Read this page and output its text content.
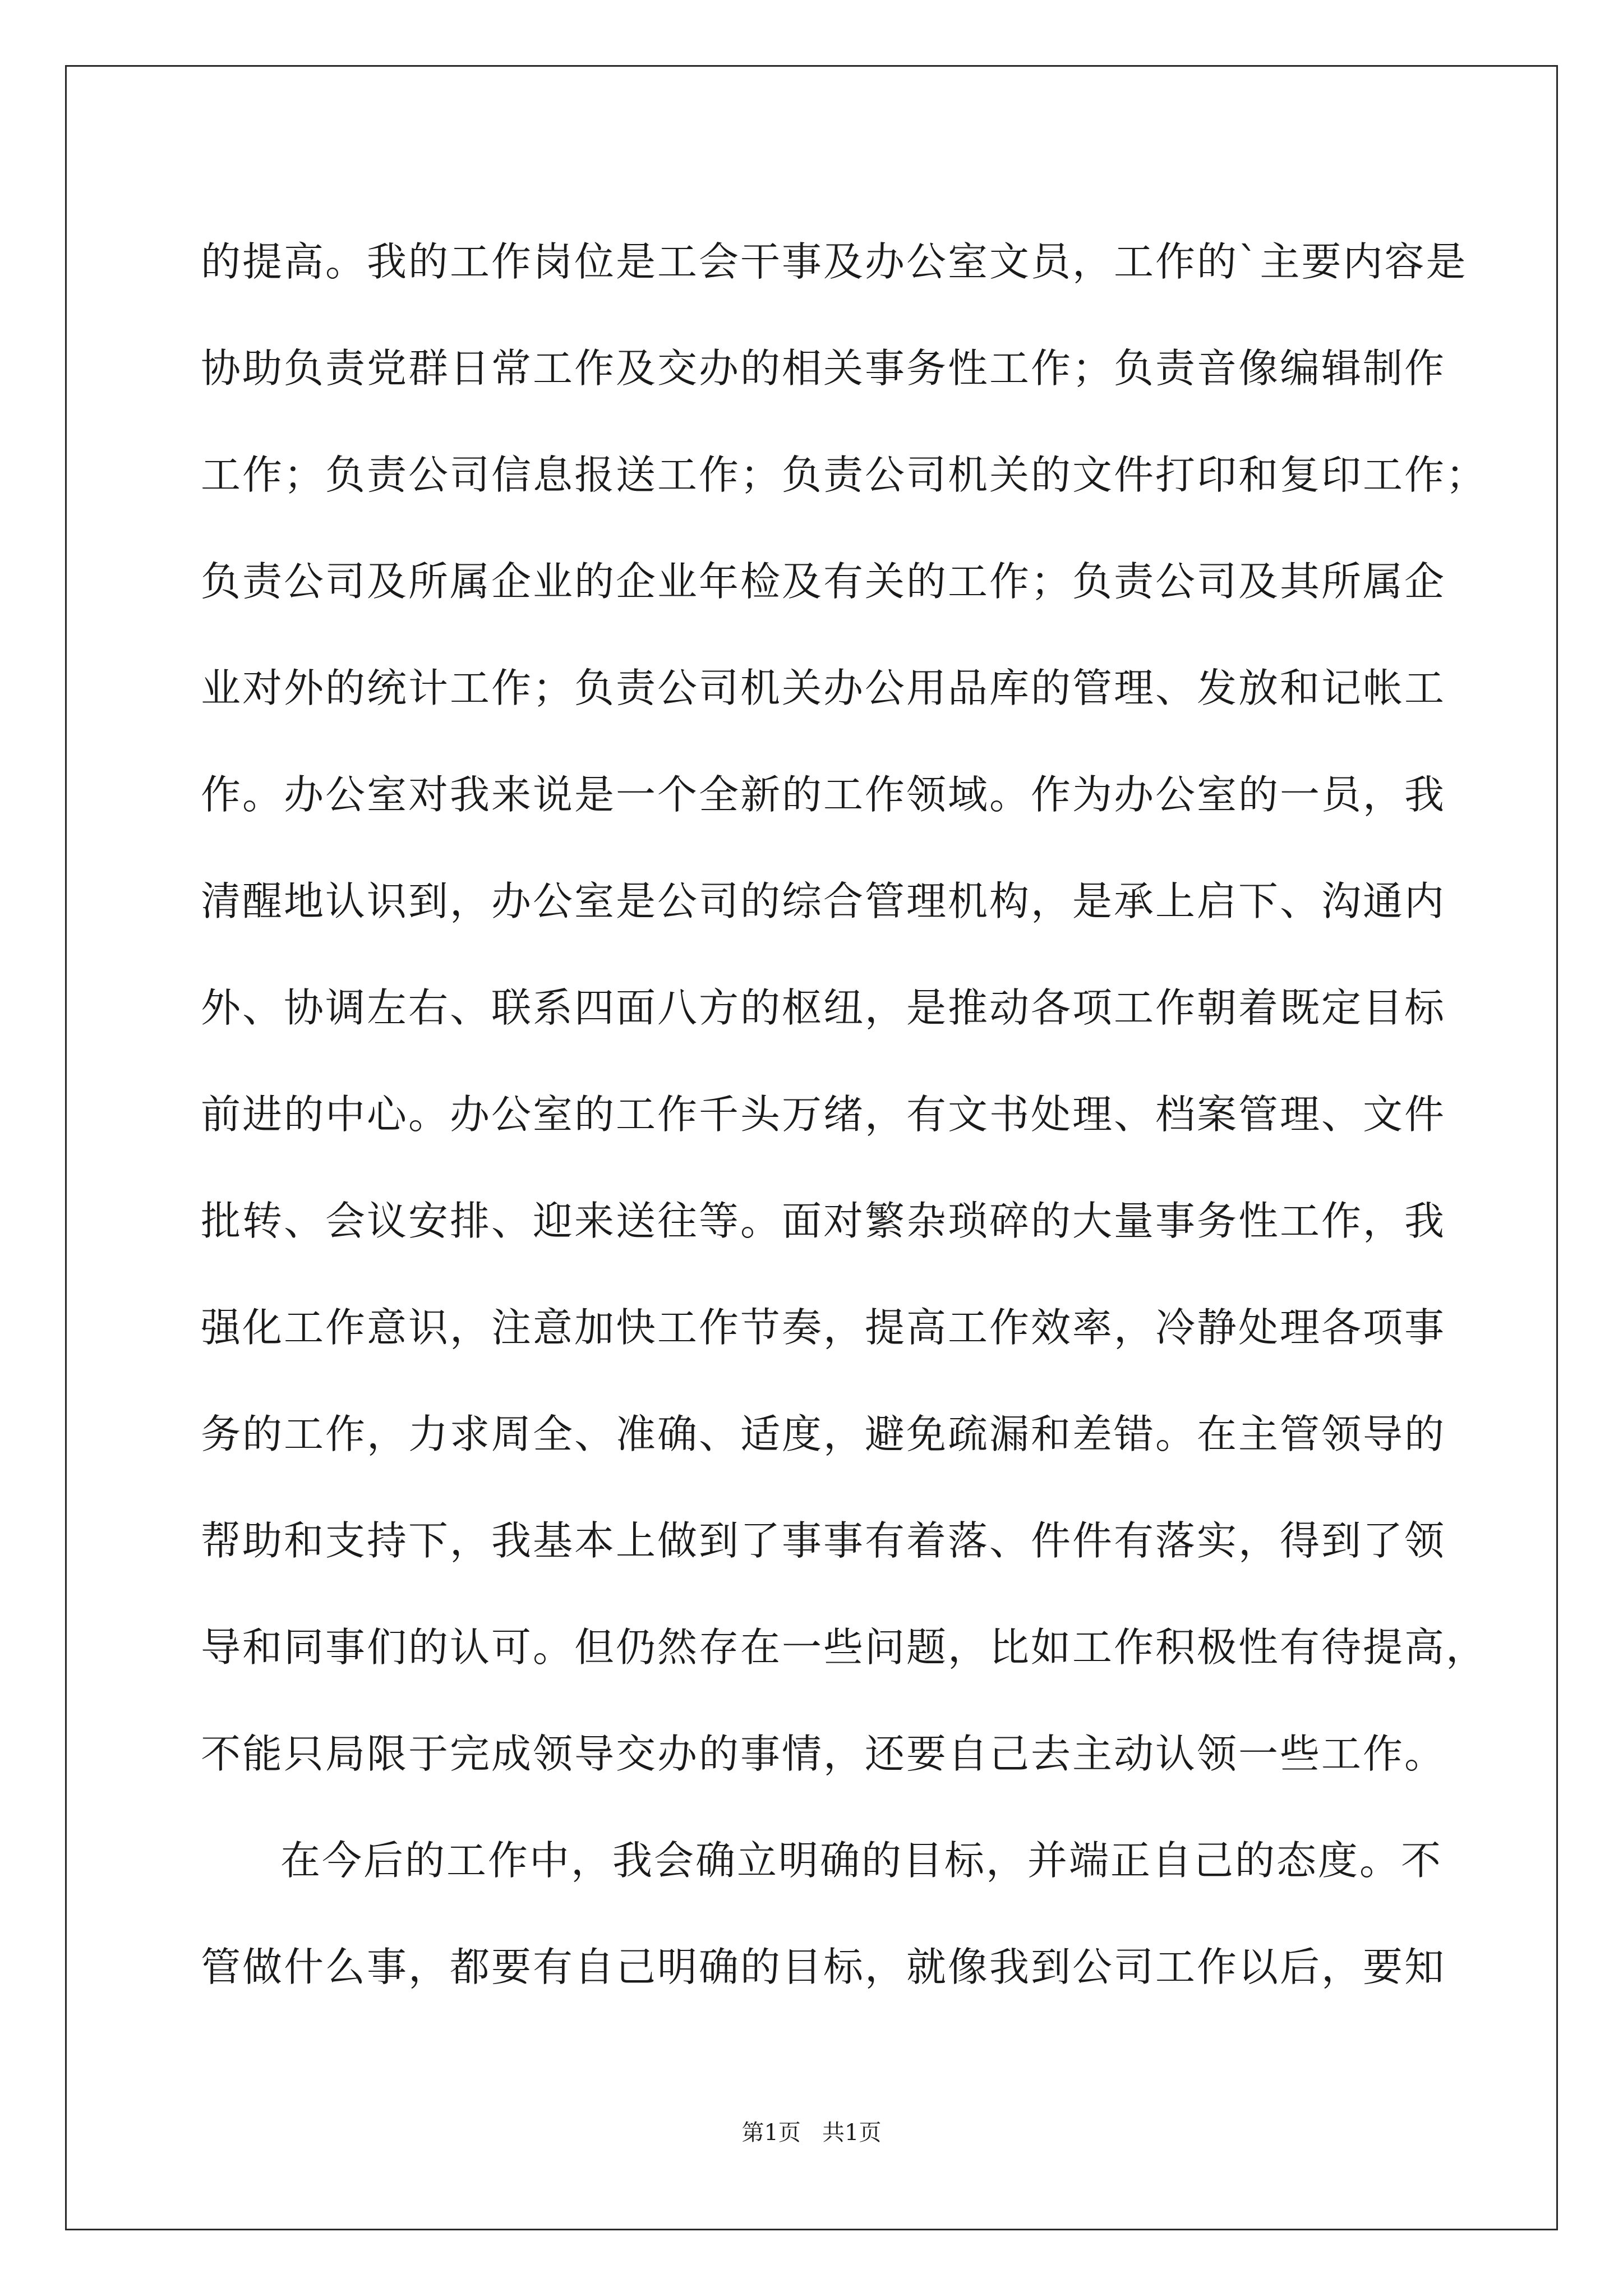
的提高。我的工作岗位是工会干事及办公室文员，工作的`主要内容是
协助负责党群日常工作及交办的相关事务性工作；负责音像编辑制作
工作；负责公司信息报送工作；负责公司机关的文件打印和复印工作；
负责公司及所属企业的企业年检及有关的工作；负责公司及其所属企
业对外的统计工作；负责公司机关办公用品库的管理、发放和记帐工
作。办公室对我来说是一个全新的工作领域。作为办公室的一员，我
清醒地认识到，办公室是公司的综合管理机构，是承上启下、沟通内
外、协调左右、联系四面八方的枢纽，是推动各项工作朝着既定目标
前进的中心。办公室的工作千头万绪，有文书处理、档案管理、文件
批转、会议安排、迎来送往等。面对繁杂琐碎的大量事务性工作，我
强化工作意识，注意加快工作节奏，提高工作效率，冷静处理各项事
务的工作，力求周全、准确、适度，避免疏漏和差错。在主管领导的
帮助和支持下，我基本上做到了事事有着落、件件有落实，得到了领
导和同事们的认可。但仍然存在一些问题，比如工作积极性有待提高，
不能只局限于完成领导交办的事情，还要自己去主动认领一些工作。
在今后的工作中，我会确立明确的目标，并端正自己的态度。不
管做什么事，都要有自己明确的目标，就像我到公司工作以后，要知
第1页   共1页
